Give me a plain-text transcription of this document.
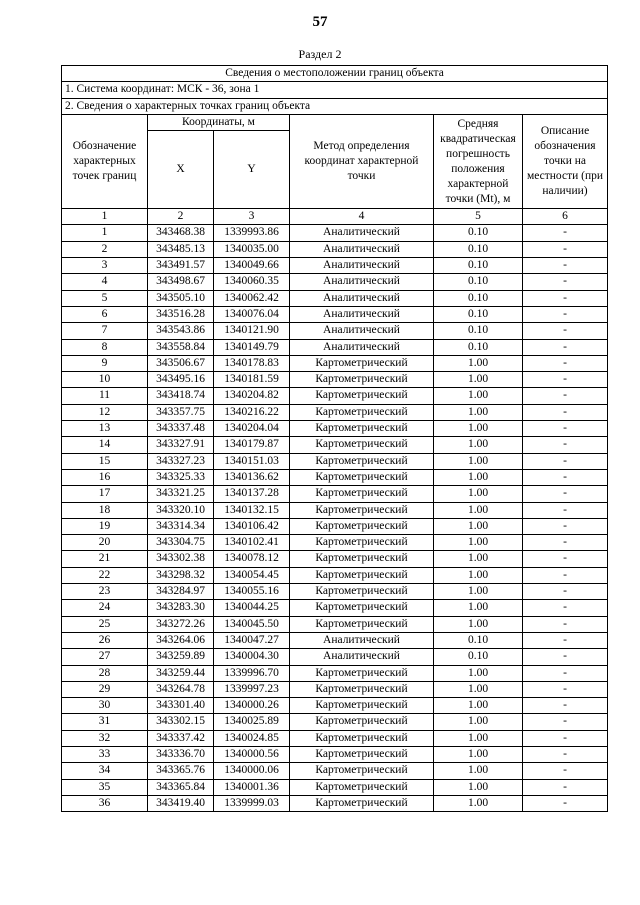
57
Раздел 2
Сведения о местоположении границ объекта					
1. Система координат: МСК - 36, зона 1					
2. Сведения о характерных точках границ объекта					
Обозначение характерных точек границ	Координаты, м		Метод определения координат характерной точки	Средняя квадратическая погрешность положения характерной точки (Mt), м	Описание обозначения точки на местности (при наличии)
	X	Y			
1	2	3	4	5	6
1	343468.38	1339993.86	Аналитический	0.10	-
2	343485.13	1340035.00	Аналитический	0.10	-
3	343491.57	1340049.66	Аналитический	0.10	-
4	343498.67	1340060.35	Аналитический	0.10	-
5	343505.10	1340062.42	Аналитический	0.10	-
6	343516.28	1340076.04	Аналитический	0.10	-
7	343543.86	1340121.90	Аналитический	0.10	-
8	343558.84	1340149.79	Аналитический	0.10	-
9	343506.67	1340178.83	Картометрический	1.00	-
10	343495.16	1340181.59	Картометрический	1.00	-
11	343418.74	1340204.82	Картометрический	1.00	-
12	343357.75	1340216.22	Картометрический	1.00	-
13	343337.48	1340204.04	Картометрический	1.00	-
14	343327.91	1340179.87	Картометрический	1.00	-
15	343327.23	1340151.03	Картометрический	1.00	-
16	343325.33	1340136.62	Картометрический	1.00	-
17	343321.25	1340137.28	Картометрический	1.00	-
18	343320.10	1340132.15	Картометрический	1.00	-
19	343314.34	1340106.42	Картометрический	1.00	-
20	343304.75	1340102.41	Картометрический	1.00	-
21	343302.38	1340078.12	Картометрический	1.00	-
22	343298.32	1340054.45	Картометрический	1.00	-
23	343284.97	1340055.16	Картометрический	1.00	-
24	343283.30	1340044.25	Картометрический	1.00	-
25	343272.26	1340045.50	Картометрический	1.00	-
26	343264.06	1340047.27	Аналитический	0.10	-
27	343259.89	1340004.30	Аналитический	0.10	-
28	343259.44	1339996.70	Картометрический	1.00	-
29	343264.78	1339997.23	Картометрический	1.00	-
30	343301.40	1340000.26	Картометрический	1.00	-
31	343302.15	1340025.89	Картометрический	1.00	-
32	343337.42	1340024.85	Картометрический	1.00	-
33	343336.70	1340000.56	Картометрический	1.00	-
34	343365.76	1340000.06	Картометрический	1.00	-
35	343365.84	1340001.36	Картометрический	1.00	-
36	343419.40	1339999.03	Картометрический	1.00	-
